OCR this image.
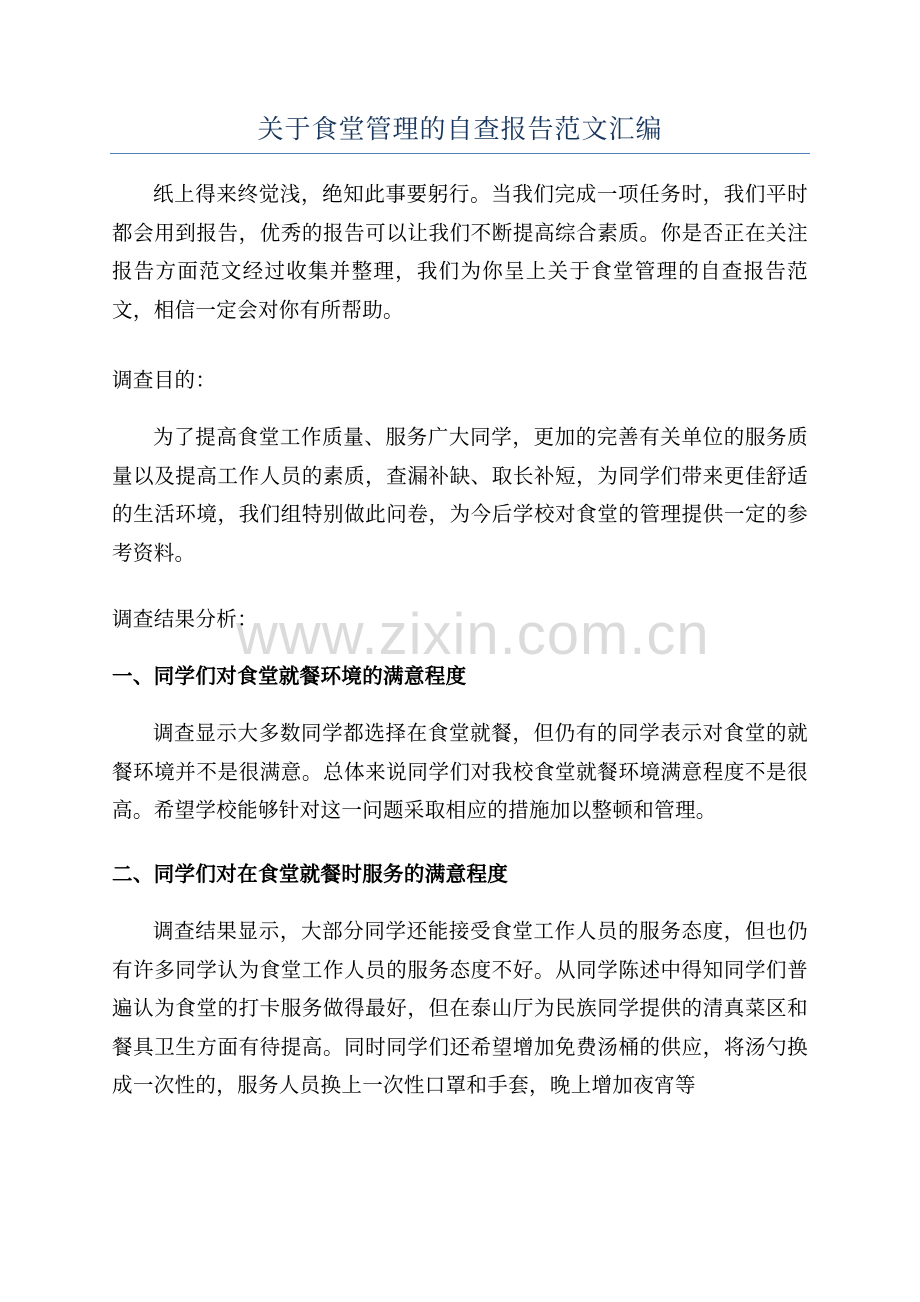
关于食堂管理的自查报告范文汇编

纸上得来终觉浅，绝知此事要躬行。当我们完成一项任务时，我们平时都会用到报告，优秀的报告可以让我们不断提高综合素质。你是否正在关注报告方面范文经过收集并整理，我们为你呈上关于食堂管理的自查报告范文，相信一定会对你有所帮助。

调查目的：

为了提高食堂工作质量、服务广大同学，更加的完善有关单位的服务质量以及提高工作人员的素质，查漏补缺、取长补短，为同学们带来更佳舒适的生活环境，我们组特别做此问卷，为今后学校对食堂的管理提供一定的参考资料。

调查结果分析：

一、同学们对食堂就餐环境的满意程度

调查显示大多数同学都选择在食堂就餐，但仍有的同学表示对食堂的就餐环境并不是很满意。总体来说同学们对我校食堂就餐环境满意程度不是很高。希望学校能够针对这一问题采取相应的措施加以整顿和管理。

二、同学们对在食堂就餐时服务的满意程度

调查结果显示，大部分同学还能接受食堂工作人员的服务态度，但也仍有许多同学认为食堂工作人员的服务态度不好。从同学陈述中得知同学们普遍认为食堂的打卡服务做得最好，但在泰山厅为民族同学提供的清真菜区和餐具卫生方面有待提高。同时同学们还希望增加免费汤桶的供应，将汤勺换成一次性的，服务人员换上一次性口罩和手套，晚上增加夜宵等

www.zixin.com.cn
